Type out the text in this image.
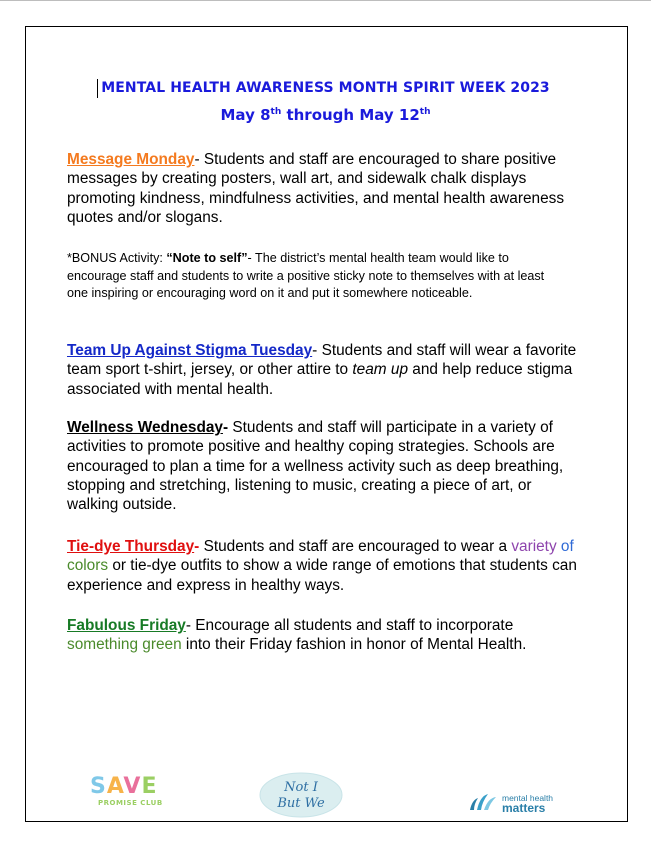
MENTAL HEALTH AWARENESS MONTH SPIRIT WEEK 2023
May 8th through May 12th
Message Monday- Students and staff are encouraged to share positive messages by creating posters, wall art, and sidewalk chalk displays promoting kindness, mindfulness activities, and mental health awareness quotes and/or slogans.
*BONUS Activity: “Note to self”- The district’s mental health team would like to encourage staff and students to write a positive sticky note to themselves with at least one inspiring or encouraging word on it and put it somewhere noticeable.
Team Up Against Stigma Tuesday- Students and staff will wear a favorite team sport t-shirt, jersey, or other attire to team up and help reduce stigma associated with mental health.
Wellness Wednesday- Students and staff will participate in a variety of activities to promote positive and healthy coping strategies. Schools are encouraged to plan a time for a wellness activity such as deep breathing, stopping and stretching, listening to music, creating a piece of art, or walking outside.
Tie-dye Thursday- Students and staff are encouraged to wear a variety of colors or tie-dye outfits to show a wide range of emotions that students can experience and express in healthy ways.
Fabulous Friday- Encourage all students and staff to incorporate something green into their Friday fashion in honor of Mental Health.
SAVE
PROMISE CLUB
Not I
But We	mental health
matters
